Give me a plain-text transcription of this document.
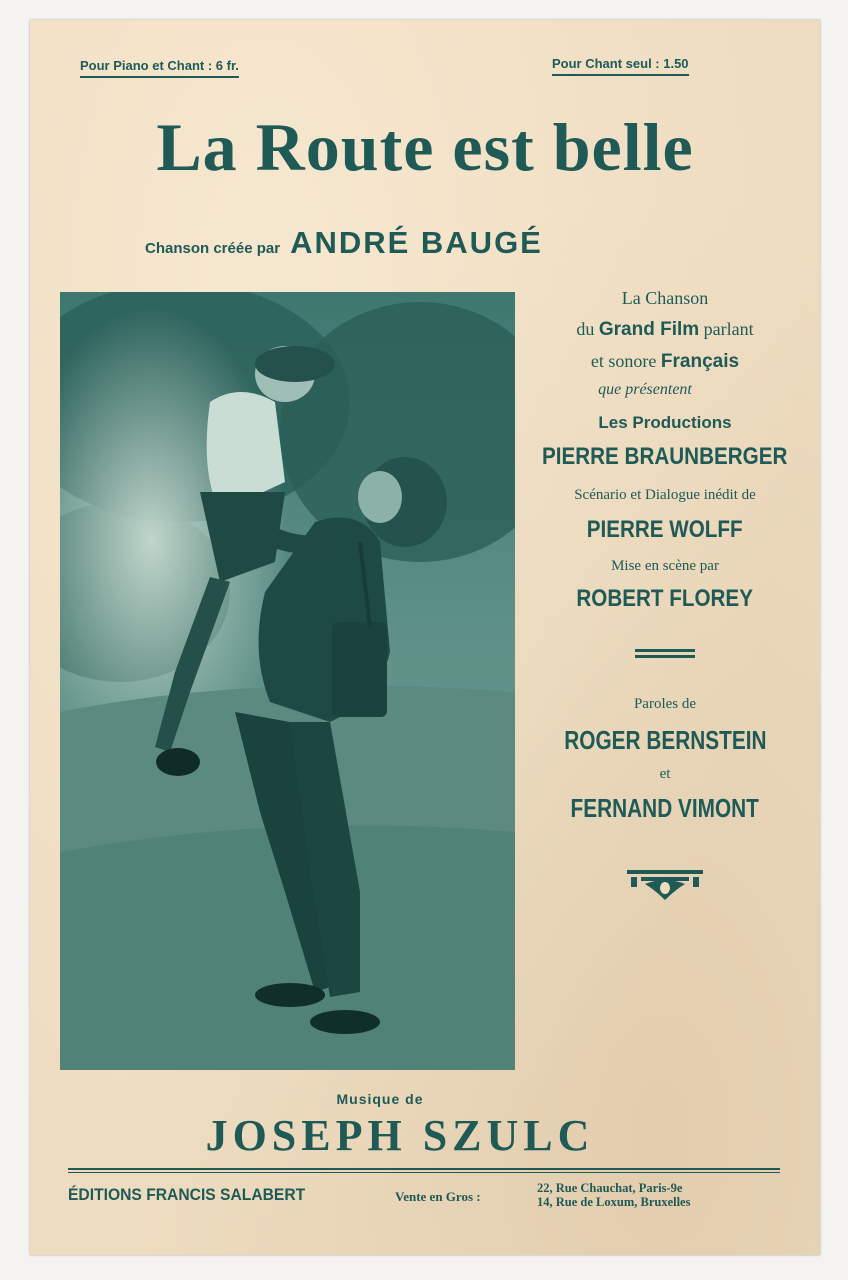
Pour Piano et Chant : 6 fr.	Pour Chant seul : 1.50
La Route est belle
Chanson créée par ANDRÉ BAUGÉ
La Chanson
du Grand Film parlant
et sonore Français
que présentent
Les Productions
PIERRE BRAUNBERGER
Scénario et Dialogue inédit de
PIERRE WOLFF
Mise en scène par
ROBERT FLOREY
Paroles de
ROGER BERNSTEIN
et
FERNAND VIMONT
Musique de
JOSEPH SZULC
ÉDITIONS FRANCIS SALABERT	Vente en Gros :
22, Rue Chauchat, Paris-9e
14, Rue de Loxum, Bruxelles
